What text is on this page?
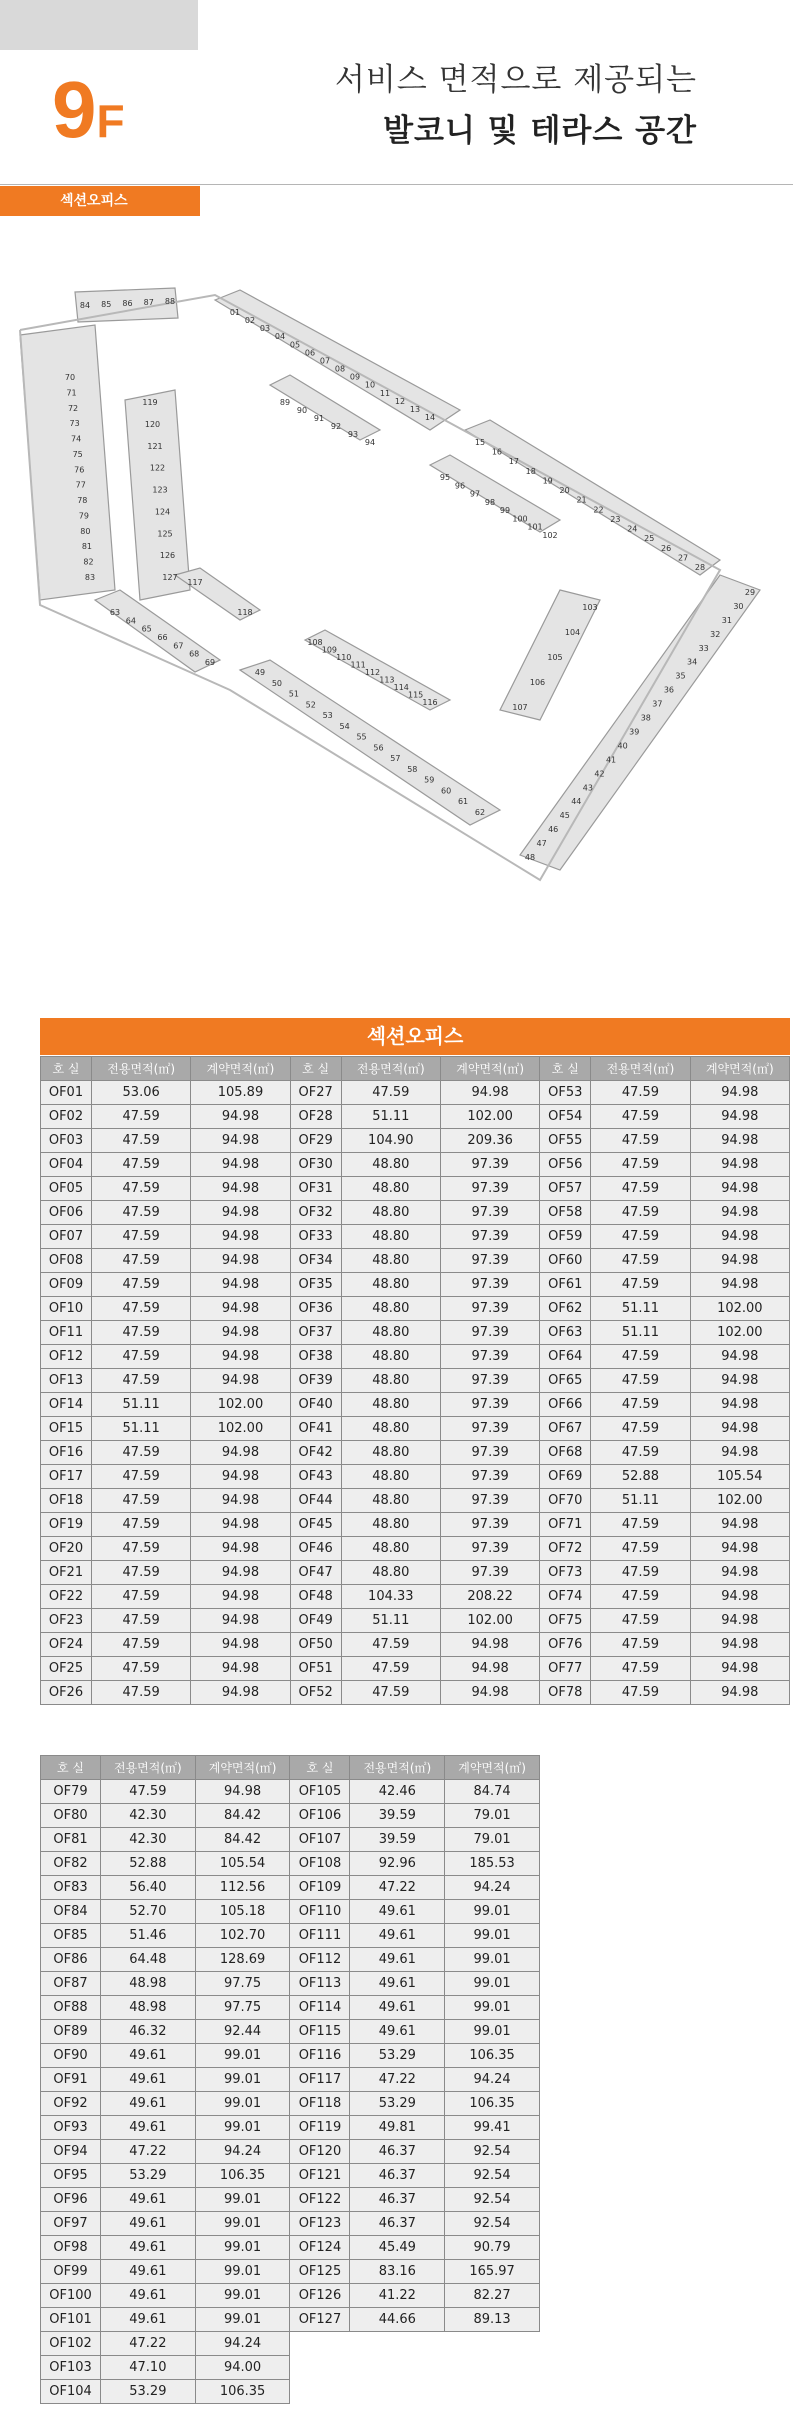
9F
서비스 면적으로 제공되는
발코니 및 테라스 공간
섹션오피스
84 85 86 87 88
70
71
72
73
74
75
76
77
78
79
80
81
82
83
119
120
121
122
123
124
125
126
127
01
02
03
04
05
06
07
08
09
10
11
12
13
14
89
90
91
92
93
94	15
16
17
18
19
20
21
22
23
24
25
26
27
28
95
96
97
98
99
100
101
102
29
30
31
32
33
34
35
36
37
38
39
40
41
42
43
44
45
46
47
48
103
104
105
106
107
49
50
51
52
53
54
55
56
57
58
59
60
61
62
108
109
110
111
112
113
114
115
116
63
64
65
66
67
68
69
117
118
섹션오피스
호 실	전용면적(㎡)	계약면적(㎡)	호 실	전용면적(㎡)	계약면적(㎡)	호 실	전용면적(㎡)	계약면적(㎡)
OF01	53.06	105.89	OF27	47.59	94.98	OF53	47.59	94.98
OF02	47.59	94.98	OF28	51.11	102.00	OF54	47.59	94.98
OF03	47.59	94.98	OF29	104.90	209.36	OF55	47.59	94.98
OF04	47.59	94.98	OF30	48.80	97.39	OF56	47.59	94.98
OF05	47.59	94.98	OF31	48.80	97.39	OF57	47.59	94.98
OF06	47.59	94.98	OF32	48.80	97.39	OF58	47.59	94.98
OF07	47.59	94.98	OF33	48.80	97.39	OF59	47.59	94.98
OF08	47.59	94.98	OF34	48.80	97.39	OF60	47.59	94.98
OF09	47.59	94.98	OF35	48.80	97.39	OF61	47.59	94.98
OF10	47.59	94.98	OF36	48.80	97.39	OF62	51.11	102.00
OF11	47.59	94.98	OF37	48.80	97.39	OF63	51.11	102.00
OF12	47.59	94.98	OF38	48.80	97.39	OF64	47.59	94.98
OF13	47.59	94.98	OF39	48.80	97.39	OF65	47.59	94.98
OF14	51.11	102.00	OF40	48.80	97.39	OF66	47.59	94.98
OF15	51.11	102.00	OF41	48.80	97.39	OF67	47.59	94.98
OF16	47.59	94.98	OF42	48.80	97.39	OF68	47.59	94.98
OF17	47.59	94.98	OF43	48.80	97.39	OF69	52.88	105.54
OF18	47.59	94.98	OF44	48.80	97.39	OF70	51.11	102.00
OF19	47.59	94.98	OF45	48.80	97.39	OF71	47.59	94.98
OF20	47.59	94.98	OF46	48.80	97.39	OF72	47.59	94.98
OF21	47.59	94.98	OF47	48.80	97.39	OF73	47.59	94.98
OF22	47.59	94.98	OF48	104.33	208.22	OF74	47.59	94.98
OF23	47.59	94.98	OF49	51.11	102.00	OF75	47.59	94.98
OF24	47.59	94.98	OF50	47.59	94.98	OF76	47.59	94.98
OF25	47.59	94.98	OF51	47.59	94.98	OF77	47.59	94.98
OF26	47.59	94.98	OF52	47.59	94.98	OF78	47.59	94.98
호 실	전용면적(㎡)	계약면적(㎡)	호 실	전용면적(㎡)	계약면적(㎡)
OF79	47.59	94.98	OF105	42.46	84.74
OF80	42.30	84.42	OF106	39.59	79.01
OF81	42.30	84.42	OF107	39.59	79.01
OF82	52.88	105.54	OF108	92.96	185.53
OF83	56.40	112.56	OF109	47.22	94.24
OF84	52.70	105.18	OF110	49.61	99.01
OF85	51.46	102.70	OF111	49.61	99.01
OF86	64.48	128.69	OF112	49.61	99.01
OF87	48.98	97.75	OF113	49.61	99.01
OF88	48.98	97.75	OF114	49.61	99.01
OF89	46.32	92.44	OF115	49.61	99.01
OF90	49.61	99.01	OF116	53.29	106.35
OF91	49.61	99.01	OF117	47.22	94.24
OF92	49.61	99.01	OF118	53.29	106.35
OF93	49.61	99.01	OF119	49.81	99.41
OF94	47.22	94.24	OF120	46.37	92.54
OF95	53.29	106.35	OF121	46.37	92.54
OF96	49.61	99.01	OF122	46.37	92.54
OF97	49.61	99.01	OF123	46.37	92.54
OF98	49.61	99.01	OF124	45.49	90.79
OF99	49.61	99.01	OF125	83.16	165.97
OF100	49.61	99.01	OF126	41.22	82.27
OF101	49.61	99.01	OF127	44.66	89.13
OF102	47.22	94.24			
OF103	47.10	94.00			
OF104	53.29	106.35			
